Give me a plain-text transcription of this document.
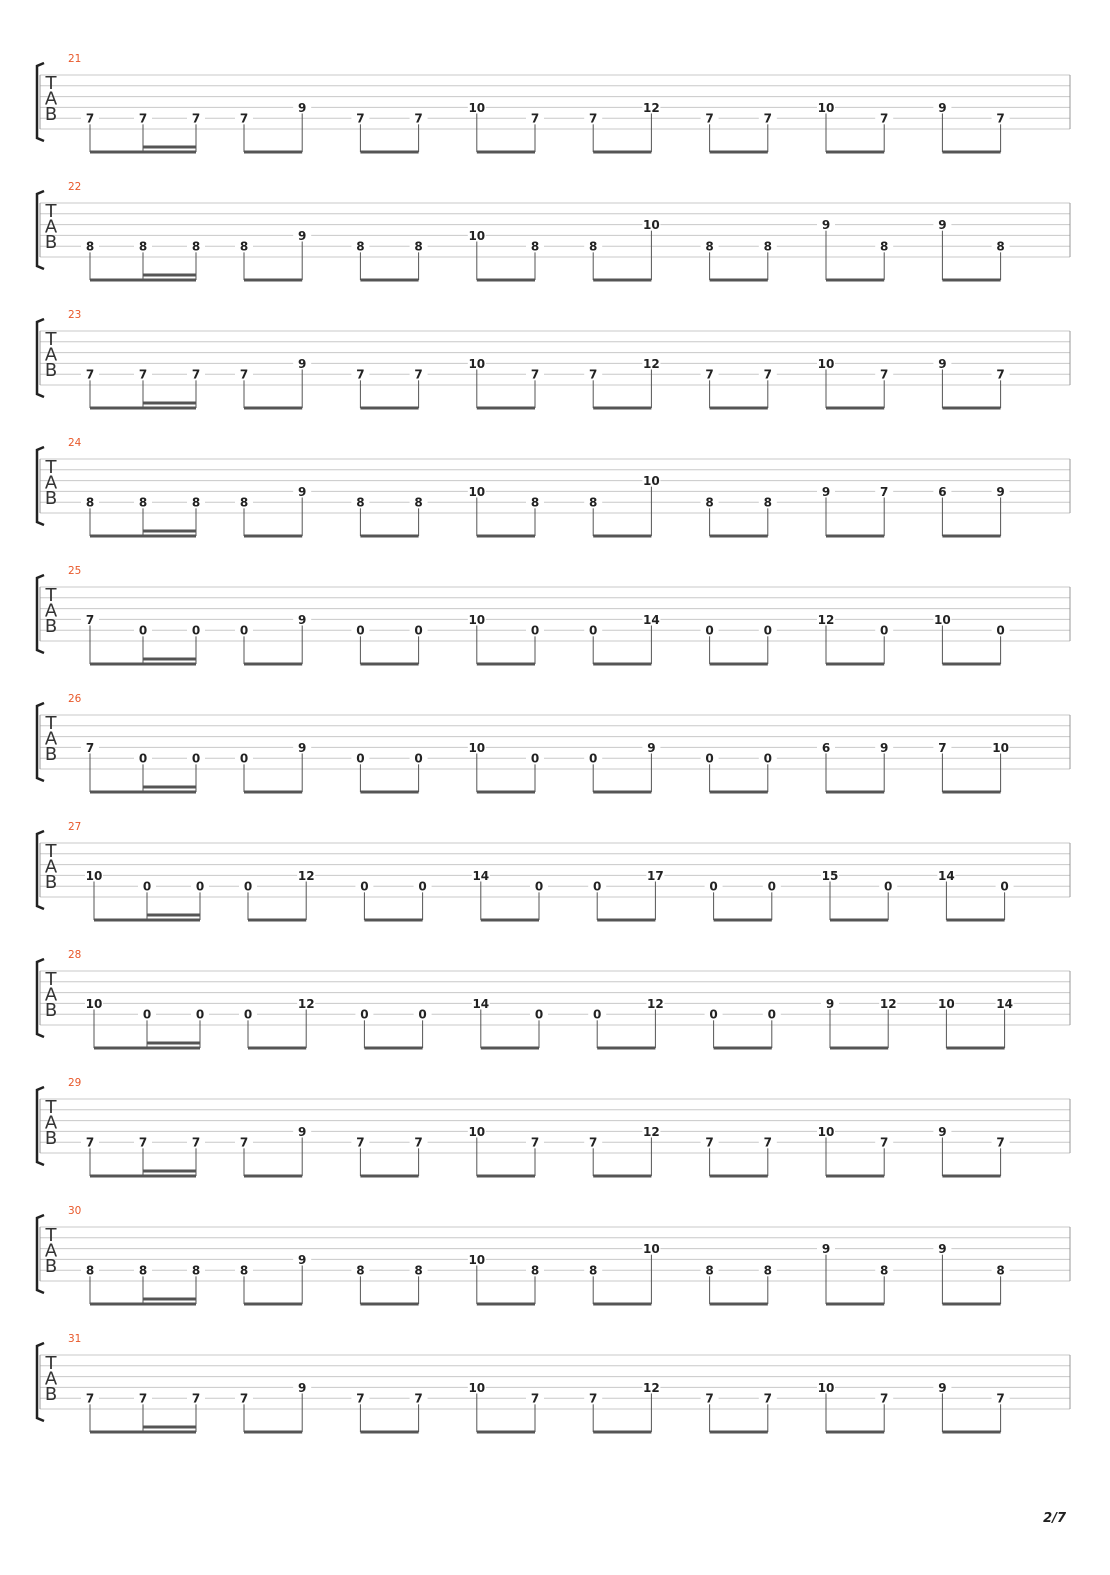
21
T
A
B 7	7	7	7
9
7	7
10
7	7
12
7	7
10
7
9
7
22
T
A
B 8	8	8	8
9
8	8
10
8	8
10
8	8
9
8
9
8
23
T
A
B 7	7	7	7
9
7	7
10
7	7
12
7	7
10
7
9
7
24
T
A
B 8	8	8	8
9
8	8
10
8	8
10
8	8
9	7	6	9
25
T
A
B 7
0	0	0
9
0	0
10
0	0
14
0	0
12
0
10
0
26
T
A
B 7
0	0	0
9
0	0
10
0	0
9
0	0
6	9	7	10
27
T
A
B 10
0	0	0
12
0	0
14
0	0
17
0	0
15
0
14
0
28
T
A
B 10
0	0	0
12
0	0
14
0	0
12
0	0
9	12	10	14
29
T
A
B 7	7	7	7
9
7	7
10
7	7
12
7	7
10
7
9
7
30
T
A
B 8	8	8	8
9
8	8
10
8	8
10
8	8
9
8
9
8
31
T
A
B 7	7	7	7
9
7	7
10
7	7
12
7	7
10
7
9
7
2/7
